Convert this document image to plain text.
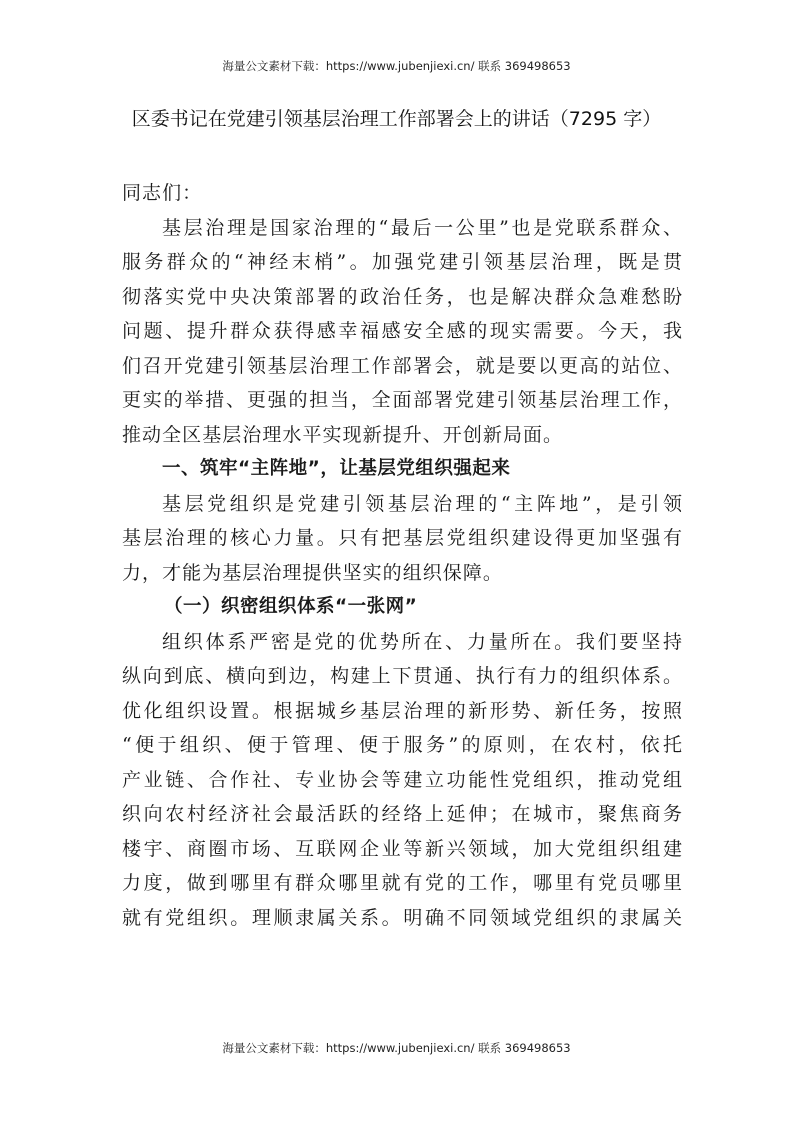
海量公文素材下载：https://www.jubenjiexi.cn/ 联系 369498653
区委书记在党建引领基层治理工作部署会上的讲话（7295 字）
同志们：
基层治理是国家治理的“最后一公里”也是党联系群众、
服务群众的“神经末梢”。加强党建引领基层治理，既是贯
彻落实党中央决策部署的政治任务，也是解决群众急难愁盼
问题、提升群众获得感幸福感安全感的现实需要。今天，我
们召开党建引领基层治理工作部署会，就是要以更高的站位、
更实的举措、更强的担当，全面部署党建引领基层治理工作，
推动全区基层治理水平实现新提升、开创新局面。
一、筑牢“主阵地”，让基层党组织强起来
基层党组织是党建引领基层治理的“主阵地”，是引领
基层治理的核心力量。只有把基层党组织建设得更加坚强有
力，才能为基层治理提供坚实的组织保障。
（一）织密组织体系“一张网”
组织体系严密是党的优势所在、力量所在。我们要坚持
纵向到底、横向到边，构建上下贯通、执行有力的组织体系。
优化组织设置。根据城乡基层治理的新形势、新任务，按照
“便于组织、便于管理、便于服务”的原则，在农村，依托
产业链、合作社、专业协会等建立功能性党组织，推动党组
织向农村经济社会最活跃的经络上延伸；在城市，聚焦商务
楼宇、商圈市场、互联网企业等新兴领域，加大党组织组建
力度，做到哪里有群众哪里就有党的工作，哪里有党员哪里
就有党组织。理顺隶属关系。明确不同领域党组织的隶属关
海量公文素材下载：https://www.jubenjiexi.cn/ 联系 369498653
